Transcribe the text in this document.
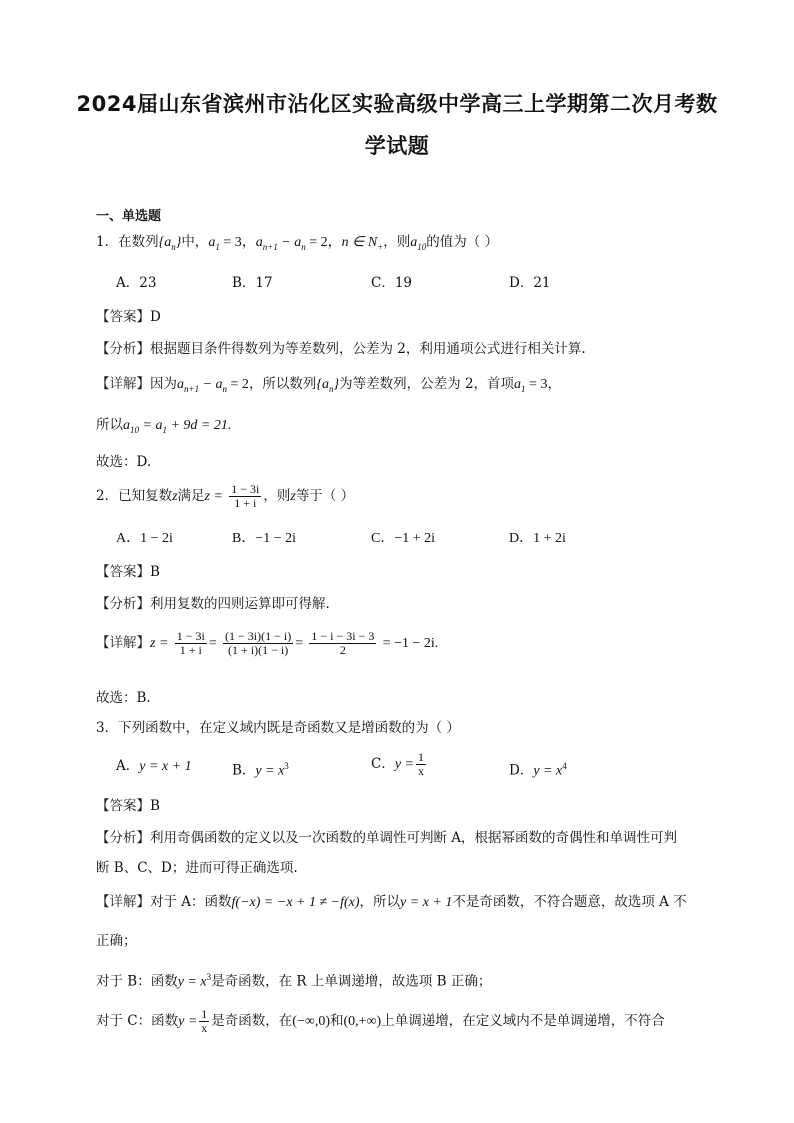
2024届山东省滨州市沾化区实验高级中学高三上学期第二次月考数
学试题
一、单选题
1．在数列$\{a_n\}$中，$a_1 = 3$，$a_{n+1} - a_n = 2$，n ∈ $N_+$，则$a_{10}$的值为（ ）
A．23	B．17	C．19	D．21
【答案】D
【分析】根据题目条件得数列为等差数列，公差为 2，利用通项公式进行相关计算.
【详解】因为$a_{n+1} - a_n = 2$，所以数列$\{a_n\}$为等差数列，公差为 2，首项$a_1 = 3$，
所以$a_{10} = a_1 + 9d = 21$.
故选：D.
2．已知复数z满足$z = \frac{1 - 3i}{1 + i}$ ，则z等于（ ）
A．1 − 2i	B．−1 − 2i	C．−1 + 2i	D．1 + 2i
【答案】B
【分析】利用复数的四则运算即可得解.
【详解】$z = \frac{1 - 3i}{1 + i} = \frac{(1 - 3i)(1 - i)}{(1 + i)(1 - i)} = \frac{1 - i - 3i - 3}{2} = -1 - 2i$.
故选：B.
3．下列函数中，在定义域内既是奇函数又是增函数的为（ ）
A．y = x + 1	B．$y = x^3$	C．$y = \frac{1}{x}$	D．$y = x^4$
【答案】B
【分析】利用奇偶函数的定义以及一次函数的单调性可判断 A，根据幂函数的奇偶性和单调性可判
断 B、C、D；进而可得正确选项.
【详解】对于 A：函数f(−x) = −x + 1 ≠ −f(x)，所以y = x + 1不是奇函数，不符合题意，故选项 A 不
正确；
对于 B：函数$y = x^3$是奇函数，在 R 上单调递增，故选项 B 正确；
对于 C：函数$y = \frac{1}{x}$ 是奇函数，在(−∞,0)和(0,+∞)上单调递增，在定义域内不是单调递增，不符合
